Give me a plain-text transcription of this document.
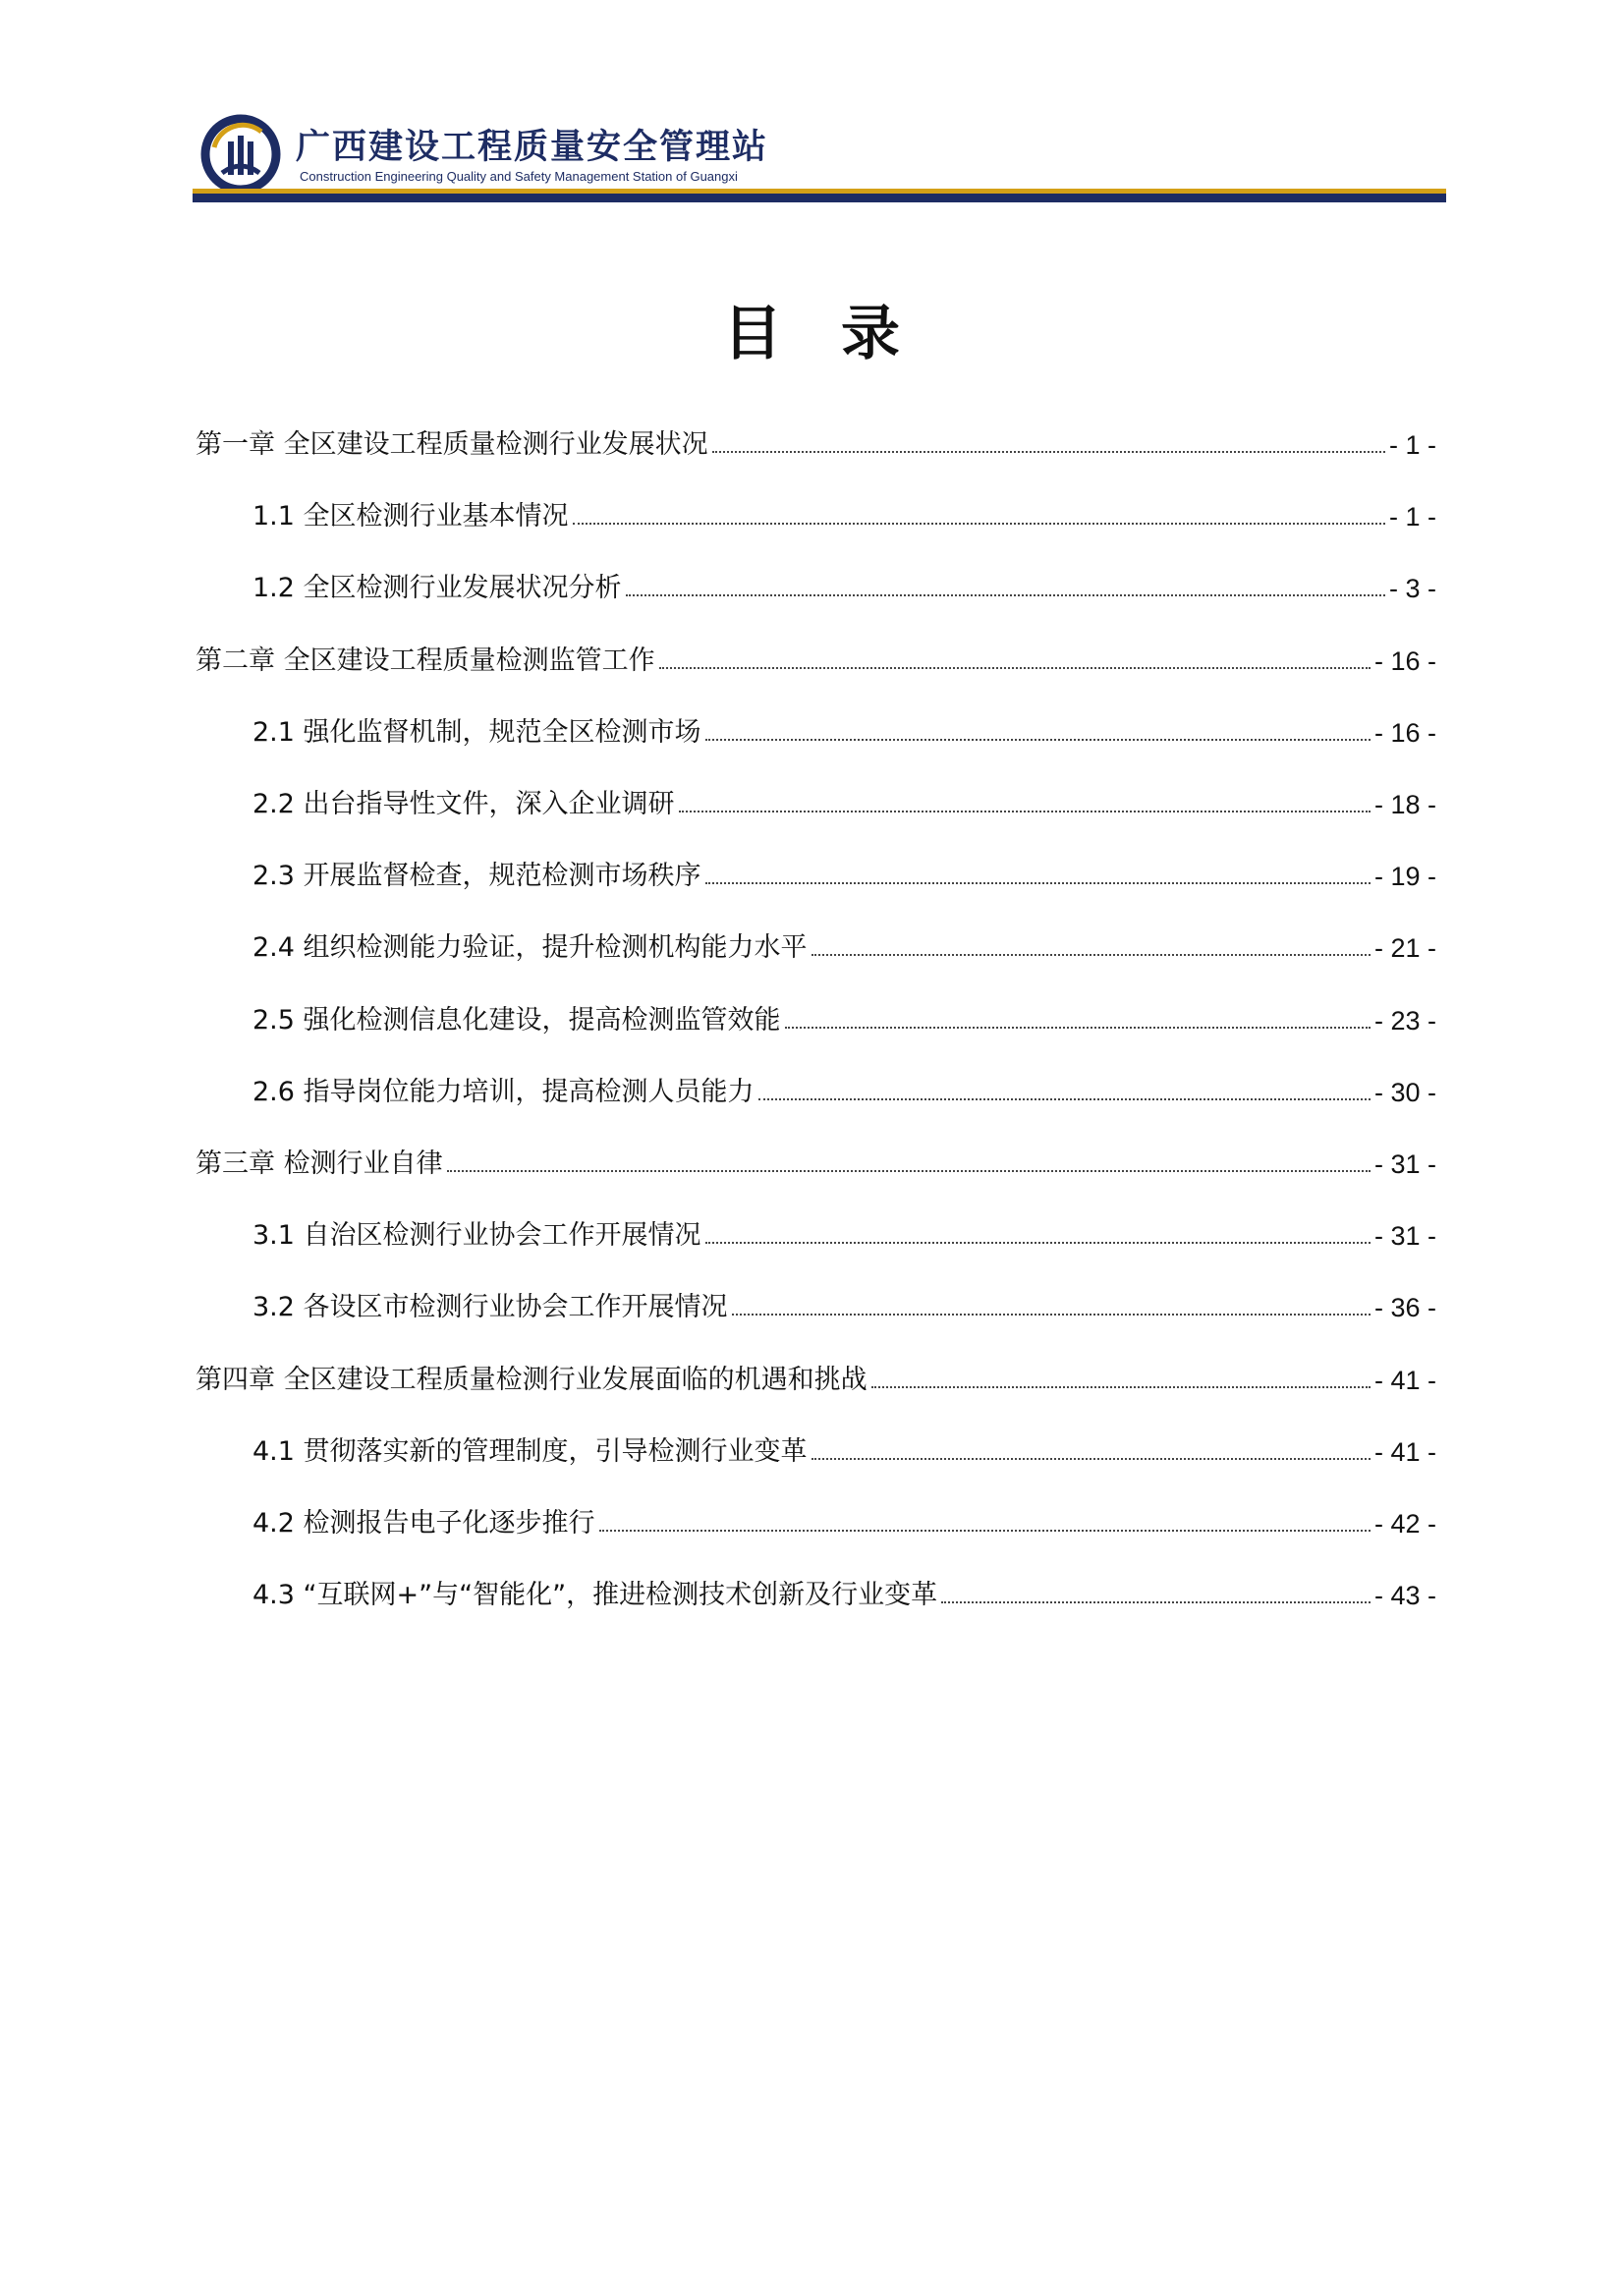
广西建设工程质量安全管理站
Construction Engineering Quality and Safety Management Station of Guangxi
目　录
第一章 全区建设工程质量检测行业发展状况	- 1 -
1.1 全区检测行业基本情况	- 1 -
1.2 全区检测行业发展状况分析	- 3 -
第二章 全区建设工程质量检测监管工作	- 16 -
2.1 强化监督机制，规范全区检测市场	- 16 -
2.2 出台指导性文件，深入企业调研	- 18 -
2.3 开展监督检查，规范检测市场秩序	- 19 -
2.4 组织检测能力验证，提升检测机构能力水平	- 21 -
2.5 强化检测信息化建设，提高检测监管效能	- 23 -
2.6 指导岗位能力培训，提高检测人员能力	- 30 -
第三章 检测行业自律	- 31 -
3.1 自治区检测行业协会工作开展情况	- 31 -
3.2 各设区市检测行业协会工作开展情况	- 36 -
第四章 全区建设工程质量检测行业发展面临的机遇和挑战	- 41 -
4.1 贯彻落实新的管理制度，引导检测行业变革	- 41 -
4.2 检测报告电子化逐步推行	- 42 -
4.3 “互联网+”与“智能化”，推进检测技术创新及行业变革	- 43 -
